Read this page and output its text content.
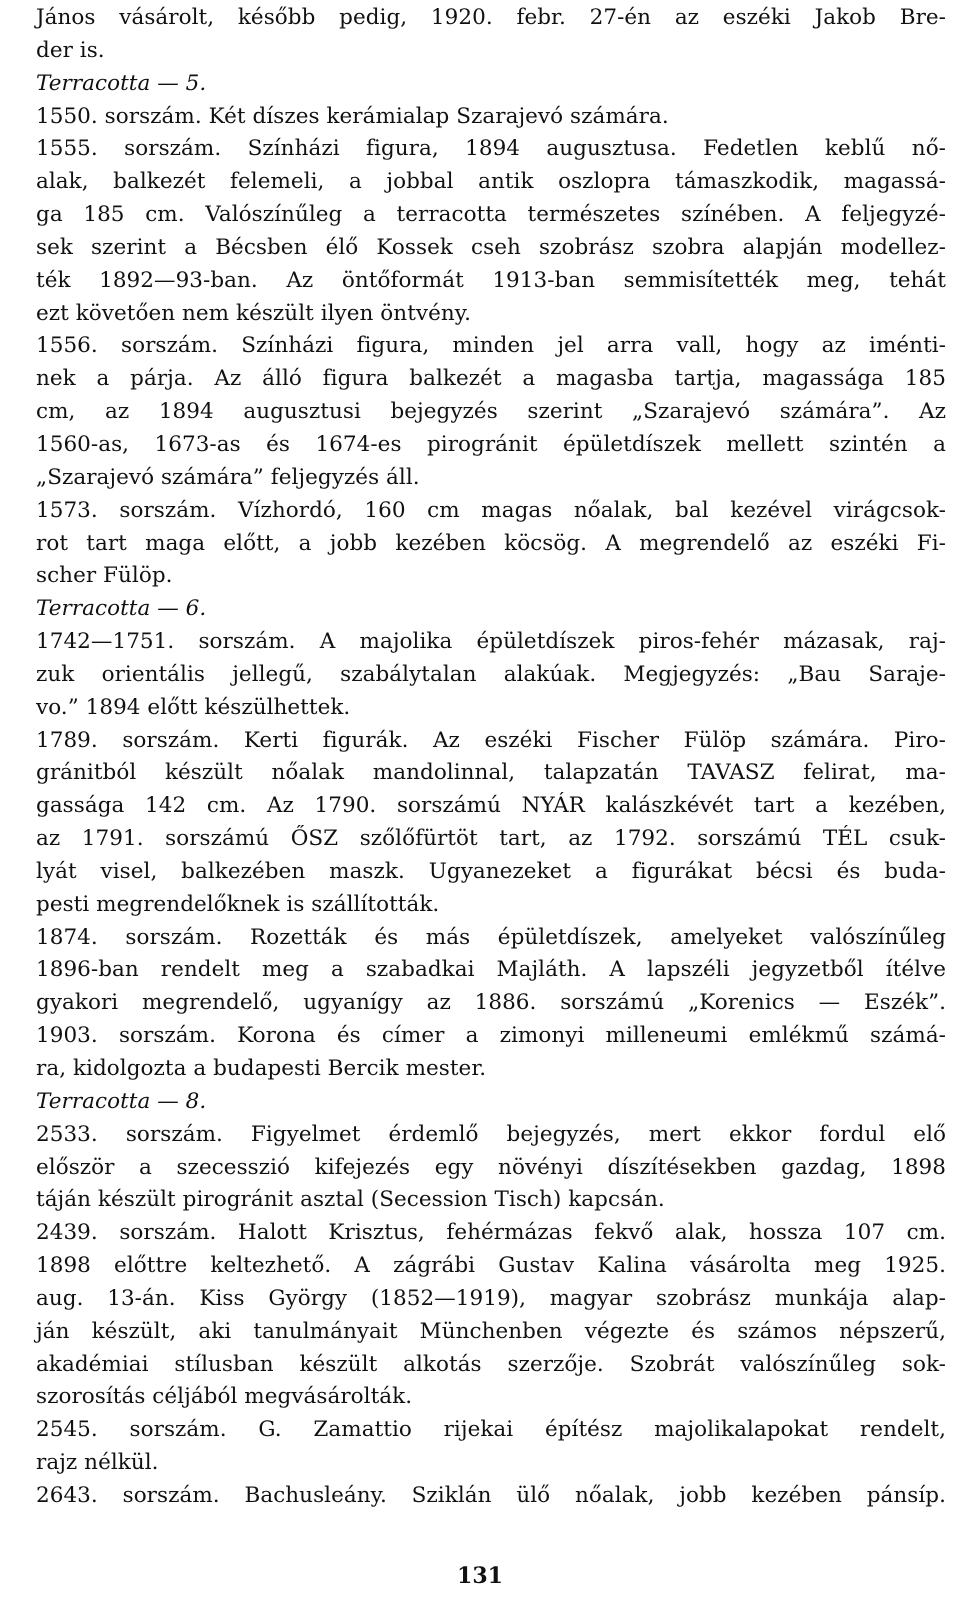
János vásárolt, később pedig, 1920. febr. 27-én az eszéki Jakob Bre-
der is.
Terracotta — 5.
1550. sorszám. Két díszes kerámialap Szarajevó számára.
1555. sorszám. Színházi figura, 1894 augusztusa. Fedetlen keblű nő-
alak, balkezét felemeli, a jobbal antik oszlopra támaszkodik, magassá-
ga 185 cm. Valószínűleg a terracotta természetes színében. A feljegyzé-
sek szerint a Bécsben élő Kossek cseh szobrász szobra alapján modellez-
ték 1892—93-ban. Az öntőformát 1913-ban semmisítették meg, tehát
ezt követően nem készült ilyen öntvény.
1556. sorszám. Színházi figura, minden jel arra vall, hogy az iménti-
nek a párja. Az álló figura balkezét a magasba tartja, magassága 185
cm, az 1894 augusztusi bejegyzés szerint „Szarajevó számára”. Az
1560-as, 1673-as és 1674-es pirogránit épületdíszek mellett szintén a
„Szarajevó számára” feljegyzés áll.
1573. sorszám. Vízhordó, 160 cm magas nőalak, bal kezével virágcsok-
rot tart maga előtt, a jobb kezében köcsög. A megrendelő az eszéki Fi-
scher Fülöp.
Terracotta — 6.
1742—1751. sorszám. A majolika épületdíszek piros-fehér mázasak, raj-
zuk orientális jellegű, szabálytalan alakúak. Megjegyzés: „Bau Saraje-
vo.” 1894 előtt készülhettek.
1789. sorszám. Kerti figurák. Az eszéki Fischer Fülöp számára. Piro-
gránitból készült nőalak mandolinnal, talapzatán TAVASZ felirat, ma-
gassága 142 cm. Az 1790. sorszámú NYÁR kalászkévét tart a kezében,
az 1791. sorszámú ŐSZ szőlőfürtöt tart, az 1792. sorszámú TÉL csuk-
lyát visel, balkezében maszk. Ugyanezeket a figurákat bécsi és buda-
pesti megrendelőknek is szállították.
1874. sorszám. Rozetták és más épületdíszek, amelyeket valószínűleg
1896-ban rendelt meg a szabadkai Majláth. A lapszéli jegyzetből ítélve
gyakori megrendelő, ugyanígy az 1886. sorszámú „Korenics — Eszék”.
1903. sorszám. Korona és címer a zimonyi milleneumi emlékmű számá-
ra, kidolgozta a budapesti Bercik mester.
Terracotta — 8.
2533. sorszám. Figyelmet érdemlő bejegyzés, mert ekkor fordul elő
először a szecesszió kifejezés egy növényi díszítésekben gazdag, 1898
táján készült pirogránit asztal (Secession Tisch) kapcsán.
2439. sorszám. Halott Krisztus, fehérmázas fekvő alak, hossza 107 cm.
1898 előttre keltezhető. A zágrábi Gustav Kalina vásárolta meg 1925.
aug. 13-án. Kiss György (1852—1919), magyar szobrász munkája alap-
ján készült, aki tanulmányait Münchenben végezte és számos népszerű,
akadémiai stílusban készült alkotás szerzője. Szobrát valószínűleg sok-
szorosítás céljából megvásárolták.
2545. sorszám. G. Zamattio rijekai építész majolikalapokat rendelt,
rajz nélkül.
2643. sorszám. Bachusleány. Sziklán ülő nőalak, jobb kezében pánsíp.
131
